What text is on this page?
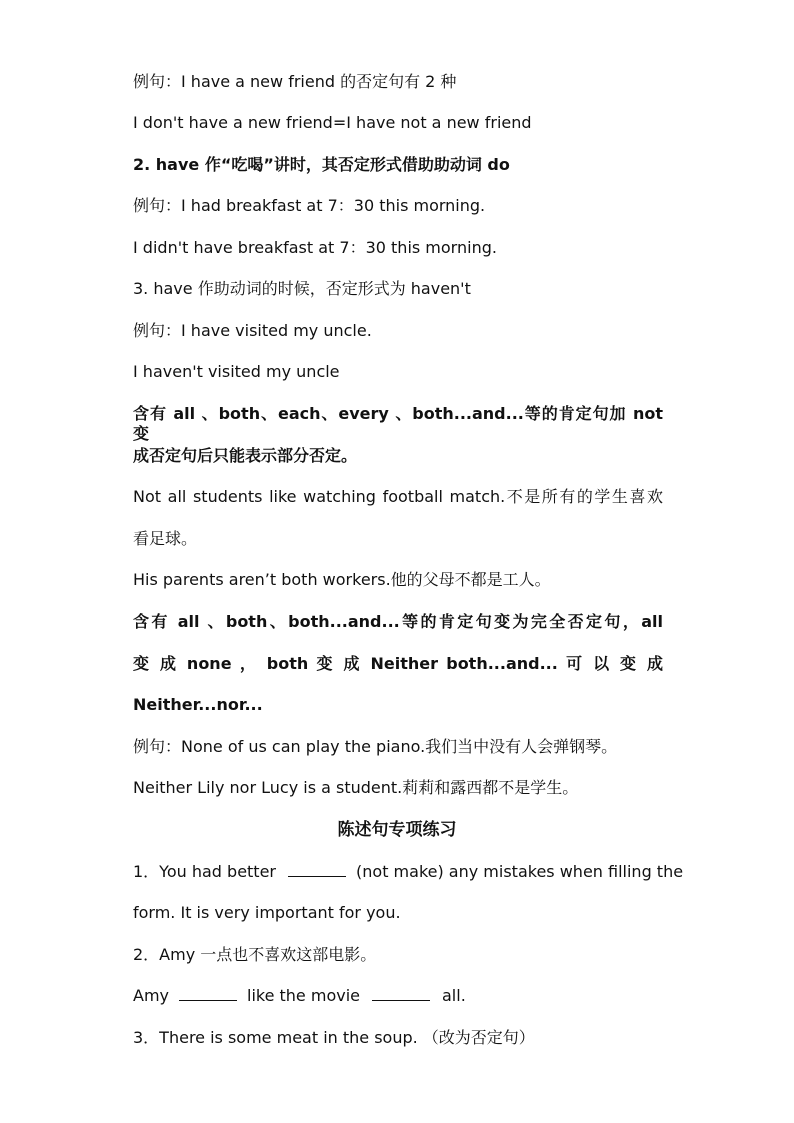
例句：I have a new friend 的否定句有 2 种
I don't have a new friend=I have not a new friend
2. have 作“吃喝”讲时，其否定形式借助助动词 do
例句：I had breakfast at 7：30 this morning.
I didn't have breakfast at 7：30 this morning.
3. have 作助动词的时候，否定形式为 haven't
例句：I have visited my uncle.
I haven't visited my uncle
含有 all 、both、each、every 、both...and...等的肯定句加 not 变
成否定句后只能表示部分否定。
Not all students like watching football match.不是所有的学生喜欢
看足球。
His parents aren’t both workers.他的父母不都是工人。
含有 all 、both、both...and...等的肯定句变为完全否定句，all
变 成 none ， both 变 成 Neither both...and... 可 以 变 成
Neither...nor...
例句：None of us can play the piano.我们当中没有人会弹钢琴。
Neither Lily nor Lucy is a student.莉莉和露西都不是学生。
陈述句专项练习
1．You had better	(not make) any mistakes when filling the
form. It is very important for you.
2．Amy 一点也不喜欢这部电影。
Amy	like the movie	all.
3．There is some meat in the soup. （改为否定句）
